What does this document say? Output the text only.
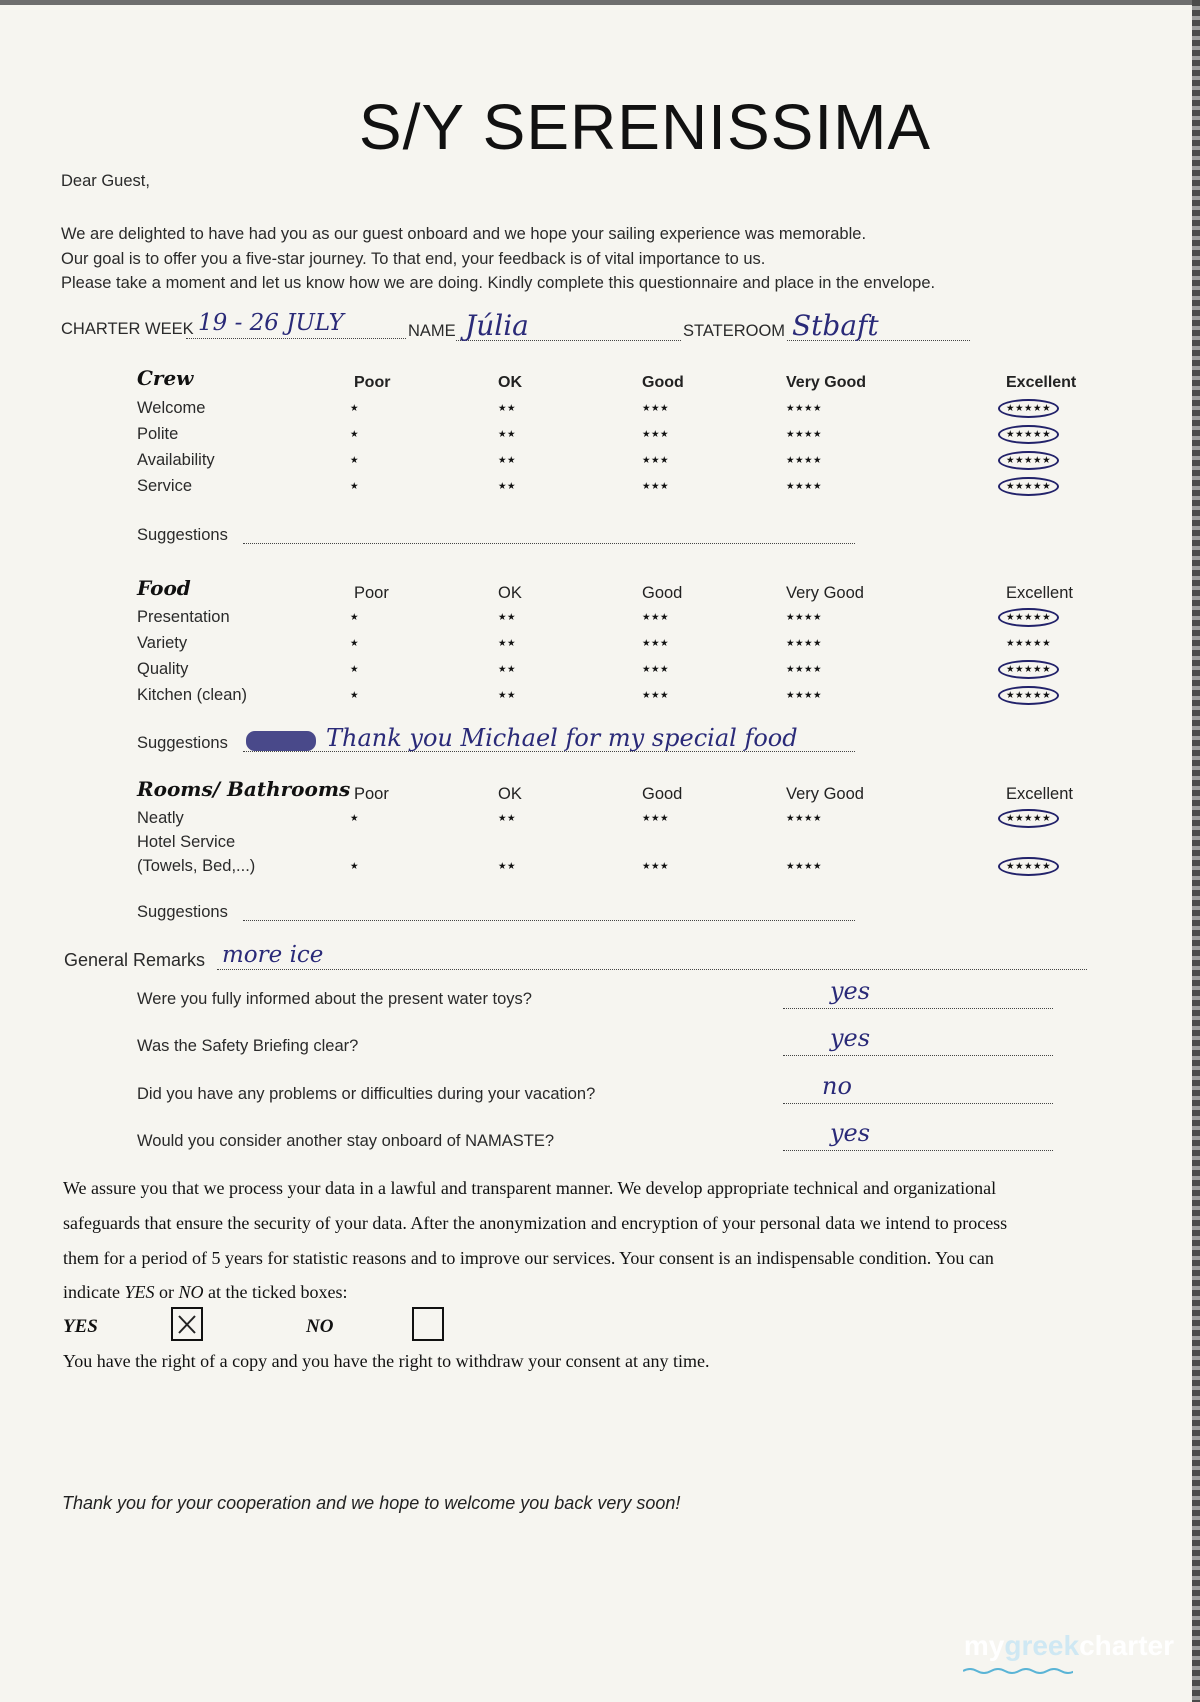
S/Y SERENISSIMA
Dear Guest,
We are delighted to have had you as our guest onboard and we hope your sailing experience was memorable.
Our goal is to offer you a five-star journey. To that end, your feedback is of vital importance to us.
Please take a moment and let us know how we are doing. Kindly complete this questionnaire and place in the envelope.
CHARTER WEEK 19 - 26 JULY	NAME Júlia	STATEROOM Stbaft
Crew	Poor	OK	Good	Very Good	Excellent
Welcome	★	★★	★★★	★★★★	★★★★★
Polite	★	★★	★★★	★★★★	★★★★★
Availability	★	★★	★★★	★★★★	★★★★★
Service	★	★★	★★★	★★★★	★★★★★
Suggestions
Food	Poor	OK	Good	Very Good	Excellent
Presentation	★	★★	★★★	★★★★	★★★★★
Variety	★	★★	★★★	★★★★	★★★★★
Quality	★	★★	★★★	★★★★	★★★★★
Kitchen (clean)	★	★★	★★★	★★★★	★★★★★
Suggestions	Thank you Michael for my special food
Rooms/ Bathrooms Poor	OK	Good	Very Good	Excellent
Neatly	★	★★	★★★	★★★★	★★★★★
Hotel Service
(Towels, Bed,...)	★	★★	★★★	★★★★	★★★★★
Suggestions
General Remarks more ice
Were you fully informed about the present water toys?	yes
Was the Safety Briefing clear?	yes
Did you have any problems or difficulties during your vacation?	no
Would you consider another stay onboard of NAMASTE?	yes
We assure you that we process your data in a lawful and transparent manner. We develop appropriate technical and organizational
safeguards that ensure the security of your data. After the anonymization and encryption of your personal data we intend to process
them for a period of 5 years for statistic reasons and to improve our services. Your consent is an indispensable condition. You can
indicate YES or NO at the ticked boxes:
YES	NO
You have the right of a copy and you have the right to withdraw your consent at any time.
Thank you for your cooperation and we hope to welcome you back very soon!
mygreekcharter
